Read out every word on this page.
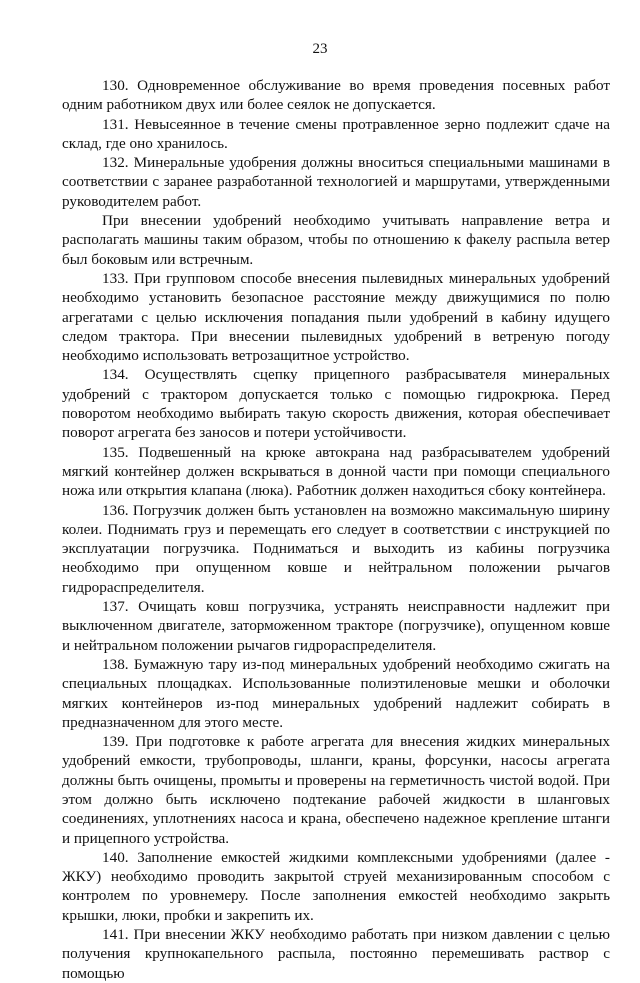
23

130. Одновременное обслуживание во время проведения посевных работ одним работником двух или более сеялок не допускается.

131. Невысеянное в течение смены протравленное зерно подлежит сдаче на склад, где оно хранилось.

132. Минеральные удобрения должны вноситься специальными машинами в соответствии с заранее разработанной технологией и маршрутами, утвержденными руководителем работ.

При внесении удобрений необходимо учитывать направление ветра и располагать машины таким образом, чтобы по отношению к факелу распыла ветер был боковым или встречным.

133. При групповом способе внесения пылевидных минеральных удобрений необходимо установить безопасное расстояние между движущимися по полю агрегатами с целью исключения попадания пыли удобрений в кабину идущего следом трактора. При внесении пылевидных удобрений в ветреную погоду необходимо использовать ветрозащитное устройство.

134. Осуществлять сцепку прицепного разбрасывателя минеральных удобрений с трактором допускается только с помощью гидрокрюка. Перед поворотом необходимо выбирать такую скорость движения, которая обеспечивает поворот агрегата без заносов и потери устойчивости.

135. Подвешенный на крюке автокрана над разбрасывателем удобрений мягкий контейнер должен вскрываться в донной части при помощи специального ножа или открытия клапана (люка). Работник должен находиться сбоку контейнера.

136. Погрузчик должен быть установлен на возможно максимальную ширину колеи. Поднимать груз и перемещать его следует в соответствии с инструкцией по эксплуатации погрузчика. Подниматься и выходить из кабины погрузчика необходимо при опущенном ковше и нейтральном положении рычагов гидрораспределителя.

137. Очищать ковш погрузчика, устранять неисправности надлежит при выключенном двигателе, заторможенном тракторе (погрузчике), опущенном ковше и нейтральном положении рычагов гидрораспределителя.

138. Бумажную тару из-под минеральных удобрений необходимо сжигать на специальных площадках. Использованные полиэтиленовые мешки и оболочки мягких контейнеров из-под минеральных удобрений надлежит собирать в предназначенном для этого месте.

139. При подготовке к работе агрегата для внесения жидких минеральных удобрений емкости, трубопроводы, шланги, краны, форсунки, насосы агрегата должны быть очищены, промыты и проверены на герметичность чистой водой. При этом должно быть исключено подтекание рабочей жидкости в шланговых соединениях, уплотнениях насоса и крана, обеспечено надежное крепление штанги и прицепного устройства.

140. Заполнение емкостей жидкими комплексными удобрениями (далее - ЖКУ) необходимо проводить закрытой струей механизированным способом с контролем по уровнемеру. После заполнения емкостей необходимо закрыть крышки, люки, пробки и закрепить их.

141. При внесении ЖКУ необходимо работать при низком давлении с целью получения крупнокапельного распыла, постоянно перемешивать раствор с помощью
